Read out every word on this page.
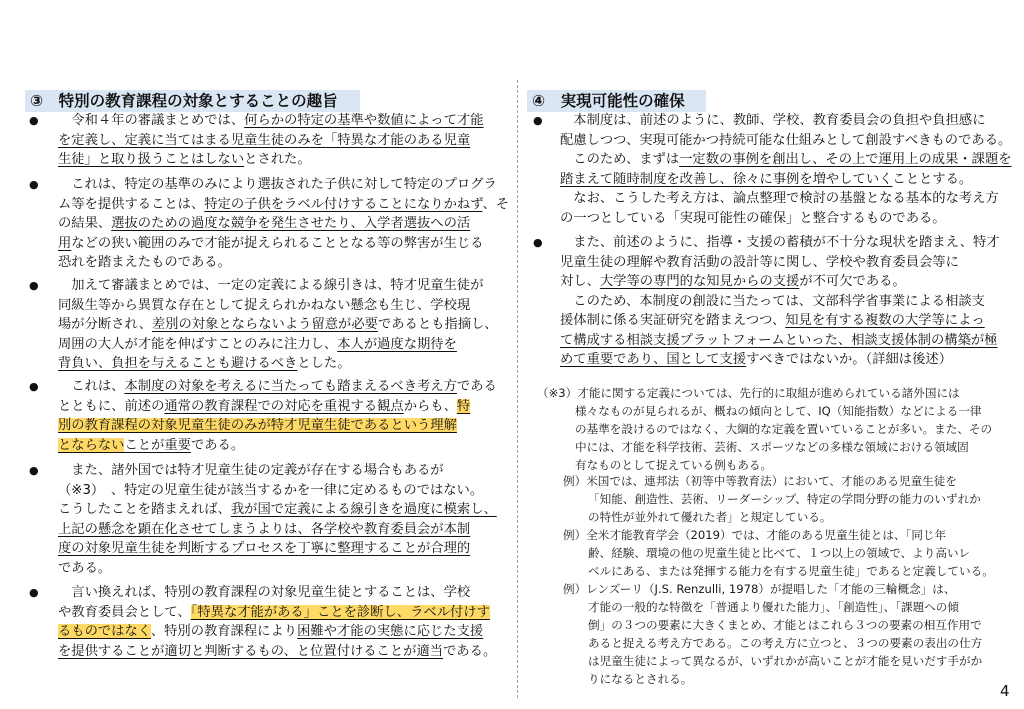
③　特別の教育課程の対象とすることの趣旨
● 　令和４年の審議まとめでは、何らかの特定の基準や数値によって才能
を定義し、定義に当てはまる児童生徒のみを「特異な才能のある児童
生徒」と取り扱うことはしないとされた。
● 　これは、特定の基準のみにより選抜された子供に対して特定のプログラ
ム等を提供することは、特定の子供をラベル付けすることになりかねず、そ
の結果、選抜のための過度な競争を発生させたり、入学者選抜への活
用などの狭い範囲のみで才能が捉えられることとなる等の弊害が生じる
恐れを踏まえたものである。
● 　加えて審議まとめでは、一定の定義による線引きは、特才児童生徒が
同級生等から異質な存在として捉えられかねない懸念も生じ、学校現
場が分断され、差別の対象とならないよう留意が必要であるとも指摘し、
周囲の大人が才能を伸ばすことのみに注力し、本人が過度な期待を
背負い、負担を与えることも避けるべきとした。
● 　これは、本制度の対象を考えるに当たっても踏まえるべき考え方である
とともに、前述の通常の教育課程での対応を重視する観点からも、特
別の教育課程の対象児童生徒のみが特才児童生徒であるという理解
とならないことが重要である。
● 　また、諸外国では特才児童生徒の定義が存在する場合もあるが
（※3）　、特定の児童生徒が該当するかを一律に定めるものではない。
こうしたことを踏まえれば、我が国で定義による線引きを過度に模索し、
上記の懸念を顕在化させてしまうよりは、各学校や教育委員会が本制
度の対象児童生徒を判断するプロセスを丁寧に整理することが合理的
である。
● 　言い換えれば、特別の教育課程の対象児童生徒とすることは、学校
や教育委員会として、「特異な才能がある」ことを診断し、ラベル付けす
るものではなく、特別の教育課程により困難や才能の実態に応じた支援
を提供することが適切と判断するもの、と位置付けることが適当である。
④　実現可能性の確保
● 　本制度は、前述のように、教師、学校、教育委員会の負担や負担感に
配慮しつつ、実現可能かつ持続可能な仕組みとして創設すべきものである。
　このため、まずは一定数の事例を創出し、その上で運用上の成果・課題を
踏まえて随時制度を改善し、徐々に事例を増やしていくこととする。
　なお、こうした考え方は、論点整理で検討の基盤となる基本的な考え方
の一つとしている「実現可能性の確保」と整合するものである。
● 　また、前述のように、指導・支援の蓄積が不十分な現状を踏まえ、特才
児童生徒の理解や教育活動の設計等に関し、学校や教育委員会等に
対し、大学等の専門的な知見からの支援が不可欠である。
　このため、本制度の創設に当たっては、文部科学省事業による相談支
援体制に係る実証研究を踏まえつつ、知見を有する複数の大学等によっ
て構成する相談支援プラットフォームといった、相談支援体制の構築が極
めて重要であり、国として支援すべきではないか。（詳細は後述）
（※3）才能に関する定義については、先行的に取組が進められている諸外国には
様々なものが見られるが、概ねの傾向として、IQ（知能指数）などによる一律
の基準を設けるのではなく、大綱的な定義を置いていることが多い。また、その
中には、才能を科学技術、芸術、スポーツなどの多様な領域における領域固
有なものとして捉えている例もある。
例）米国では、連邦法（初等中等教育法）において、才能のある児童生徒を
「知能、創造性、芸術、リーダーシップ、特定の学問分野の能力のいずれか
の特性が並外れて優れた者」と規定している。
例）全米才能教育学会（2019）では、才能のある児童生徒とは、「同じ年
齢、経験、環境の他の児童生徒と比べて、１つ以上の領域で、より高いレ
ベルにある、または発揮する能力を有する児童生徒」であると定義している。
例）レンズーリ（J.S. Renzulli, 1978）が提唱した「才能の三輪概念」は、
才能の一般的な特徴を「普通より優れた能力」、「創造性」、「課題への傾
倒」の３つの要素に大きくまとめ、才能とはこれら３つの要素の相互作用で
あると捉える考え方である。この考え方に立つと、３つの要素の表出の仕方
は児童生徒によって異なるが、いずれかが高いことが才能を見いだす手がか
りになるとされる。
4
